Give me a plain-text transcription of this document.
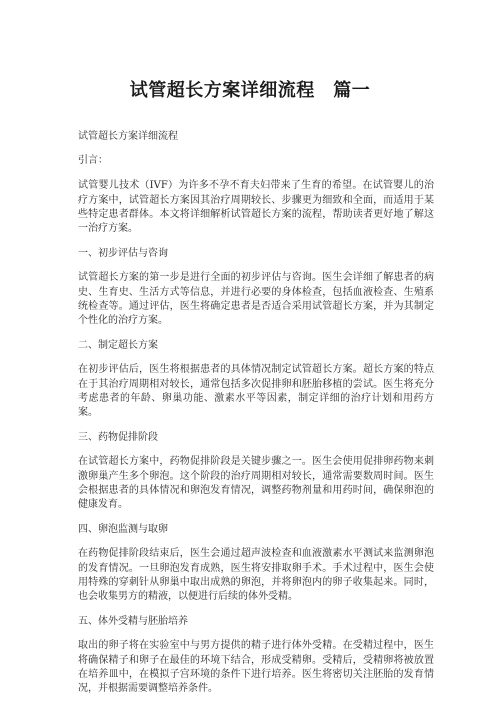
试管超长方案详细流程　篇一

试管超长方案详细流程

引言：

试管婴儿技术（IVF）为许多不孕不育夫妇带来了生育的希望。在试管婴儿的治疗方案中，试管超长方案因其治疗周期较长、步骤更为细致和全面，而适用于某些特定患者群体。本文将详细解析试管超长方案的流程，帮助读者更好地了解这一治疗方案。

一、初步评估与咨询

试管超长方案的第一步是进行全面的初步评估与咨询。医生会详细了解患者的病史、生育史、生活方式等信息，并进行必要的身体检查，包括血液检查、生殖系统检查等。通过评估，医生将确定患者是否适合采用试管超长方案，并为其制定个性化的治疗方案。

二、制定超长方案

在初步评估后，医生将根据患者的具体情况制定试管超长方案。超长方案的特点在于其治疗周期相对较长，通常包括多次促排卵和胚胎移植的尝试。医生将充分考虑患者的年龄、卵巢功能、激素水平等因素，制定详细的治疗计划和用药方案。

三、药物促排阶段

在试管超长方案中，药物促排阶段是关键步骤之一。医生会使用促排卵药物来刺激卵巢产生多个卵泡。这个阶段的治疗周期相对较长，通常需要数周时间。医生会根据患者的具体情况和卵泡发育情况，调整药物剂量和用药时间，确保卵泡的健康发育。

四、卵泡监测与取卵

在药物促排阶段结束后，医生会通过超声波检查和血液激素水平测试来监测卵泡的发育情况。一旦卵泡发育成熟，医生将安排取卵手术。手术过程中，医生会使用特殊的穿刺针从卵巢中取出成熟的卵泡，并将卵泡内的卵子收集起来。同时，也会收集男方的精液，以便进行后续的体外受精。

五、体外受精与胚胎培养

取出的卵子将在实验室中与男方提供的精子进行体外受精。在受精过程中，医生将确保精子和卵子在最佳的环境下结合，形成受精卵。受精后，受精卵将被放置在培养皿中，在模拟子宫环境的条件下进行培养。医生将密切关注胚胎的发育情况，并根据需要调整培养条件。
